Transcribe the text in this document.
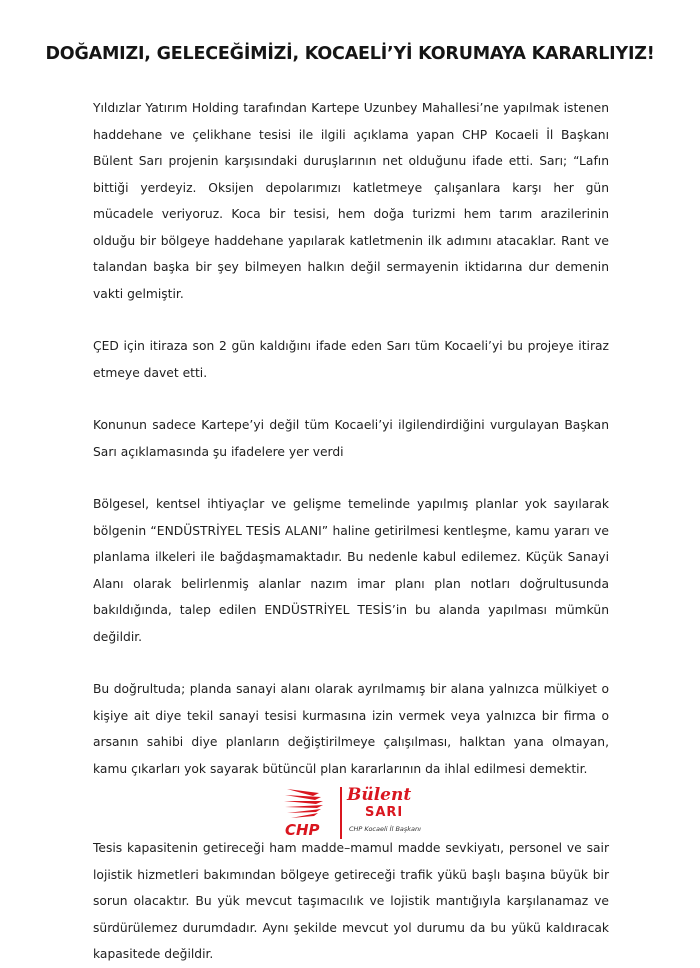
DOĞAMIZI, GELECEĞİMİZİ, KOCAELİ’Yİ KORUMAYA KARARLIYIZ!

Yıldızlar Yatırım Holding tarafından Kartepe Uzunbey Mahallesi’ne yapılmak istenen haddehane ve çelikhane tesisi ile ilgili açıklama yapan CHP Kocaeli İl Başkanı Bülent Sarı projenin karşısındaki duruşlarının net olduğunu ifade etti. Sarı; “Lafın bittiği yerdeyiz. Oksijen depolarımızı katletmeye çalışanlara karşı her gün mücadele veriyoruz. Koca bir tesisi, hem doğa turizmi hem tarım arazilerinin olduğu bir bölgeye haddehane yapılarak katletmenin ilk adımını atacaklar. Rant ve talandan başka bir şey bilmeyen halkın değil sermayenin iktidarına dur demenin vakti gelmiştir.

ÇED için itiraza son 2 gün kaldığını ifade eden Sarı tüm Kocaeli’yi bu projeye itiraz etmeye davet etti.

Konunun sadece Kartepe’yi değil tüm Kocaeli’yi ilgilendirdiğini vurgulayan Başkan Sarı açıklamasında şu ifadelere yer verdi

Bölgesel, kentsel ihtiyaçlar ve gelişme temelinde yapılmış planlar yok sayılarak bölgenin “ENDÜSTRİYEL TESİS ALANI” haline getirilmesi kentleşme, kamu yararı ve planlama ilkeleri ile bağdaşmamaktadır. Bu nedenle kabul edilemez. Küçük Sanayi Alanı olarak belirlenmiş alanlar nazım imar planı plan notları doğrultusunda bakıldığında, talep edilen ENDÜSTRİYEL TESİS’in bu alanda yapılması mümkün değildir.

Bu doğrultuda; planda sanayi alanı olarak ayrılmamış bir alana yalnızca mülkiyet o kişiye ait diye tekil sanayi tesisi kurmasına izin vermek veya yalnızca bir firma o arsanın sahibi diye planların değiştirilmeye çalışılması, halktan yana olmayan, kamu çıkarları yok sayarak bütüncül plan kararlarının da ihlal edilmesi demektir.

Tesis kapasitenin getireceği ham madde–mamul madde sevkiyatı, personel ve sair lojistik hizmetleri bakımından bölgeye getireceği trafik yükü başlı başına büyük bir sorun olacaktır. Bu yük mevcut taşımacılık ve lojistik mantığıyla karşılanamaz ve sürdürülemez durumdadır. Aynı şekilde mevcut yol durumu da bu yükü kaldıracak kapasitede değildir.

CHP
Bülent
SARI
CHP Kocaeli İl Başkanı
